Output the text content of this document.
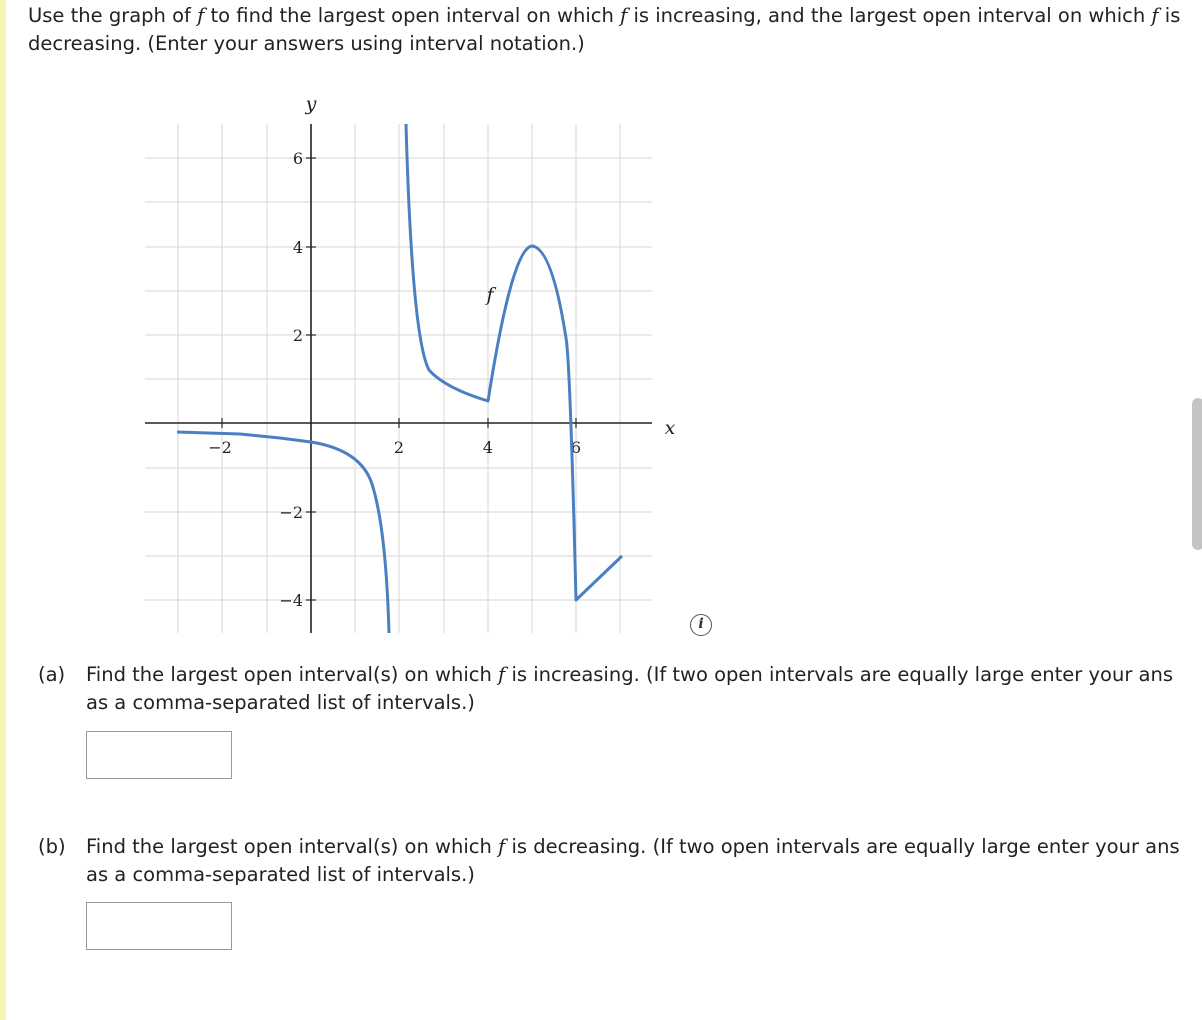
Use the graph of f to find the largest open interval on which f is increasing, and the largest open interval on which f is
decreasing. (Enter your answers using interval notation.)
−2	2	4	6
6
4
2
−2
−4
y
x
f
i
(a) Find the largest open interval(s) on which f is increasing. (If two open intervals are equally large enter your ans
as a comma-separated list of intervals.)
(b) Find the largest open interval(s) on which f is decreasing. (If two open intervals are equally large enter your ans
as a comma-separated list of intervals.)
